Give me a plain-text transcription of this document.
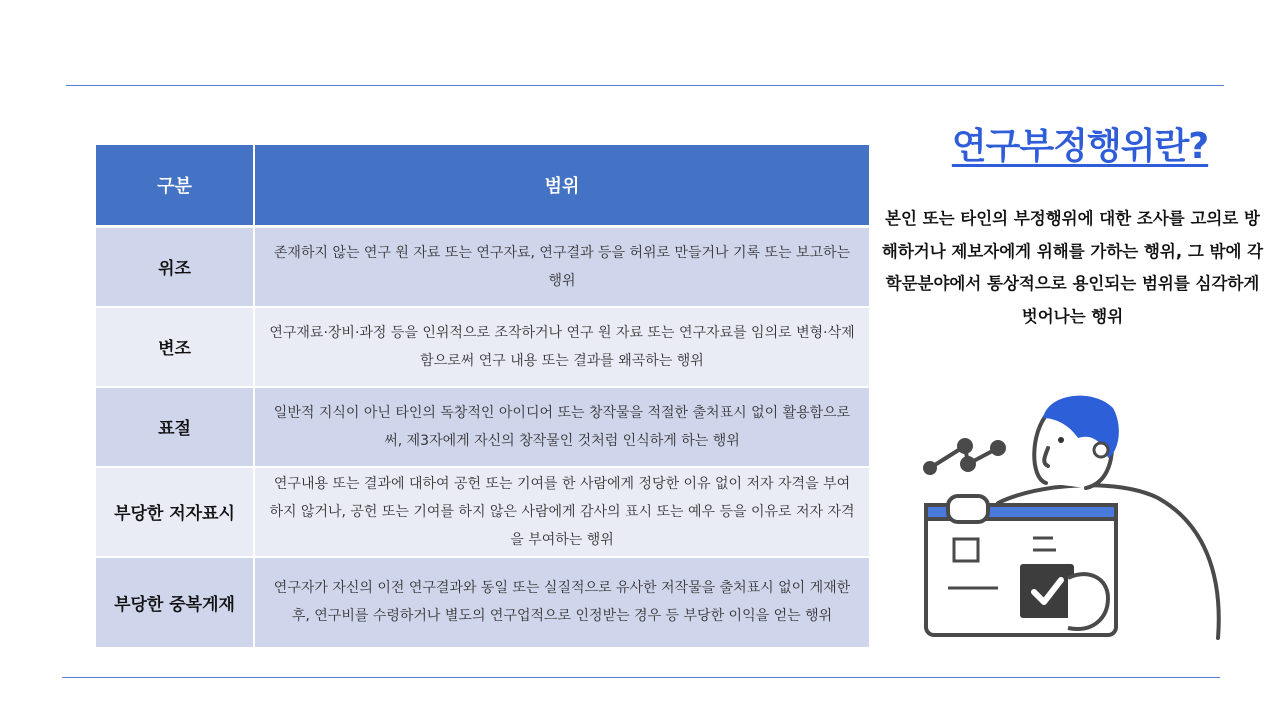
구분	범위
위조	존재하지 않는 연구 원 자료 또는 연구자료, 연구결과 등을 허위로 만들거나 기록 또는 보고하는 행위
변조	연구재료·장비·과정 등을 인위적으로 조작하거나 연구 원 자료 또는 연구자료를 임의로 변형·삭제함으로써 연구 내용 또는 결과를 왜곡하는 행위
표절	일반적 지식이 아닌 타인의 독창적인 아이디어 또는 창작물을 적절한 출처표시 없이 활용함으로써, 제3자에게 자신의 창작물인 것처럼 인식하게 하는 행위
부당한 저자표시	연구내용 또는 결과에 대하여 공헌 또는 기여를 한 사람에게 정당한 이유 없이 저자 자격을 부여하지 않거나, 공헌 또는 기여를 하지 않은 사람에게 감사의 표시 또는 예우 등을 이유로 저자 자격을 부여하는 행위
부당한 중복게재	연구자가 자신의 이전 연구결과와 동일 또는 실질적으로 유사한 저작물을 출처표시 없이 게재한 후, 연구비를 수령하거나 별도의 연구업적으로 인정받는 경우 등 부당한 이익을 얻는 행위
연구부정행위란?
본인 또는 타인의 부정행위에 대한 조사를 고의로 방해하거나 제보자에게 위해를 가하는 행위, 그 밖에 각 학문분야에서 통상적으로 용인되는 범위를 심각하게 벗어나는 행위
